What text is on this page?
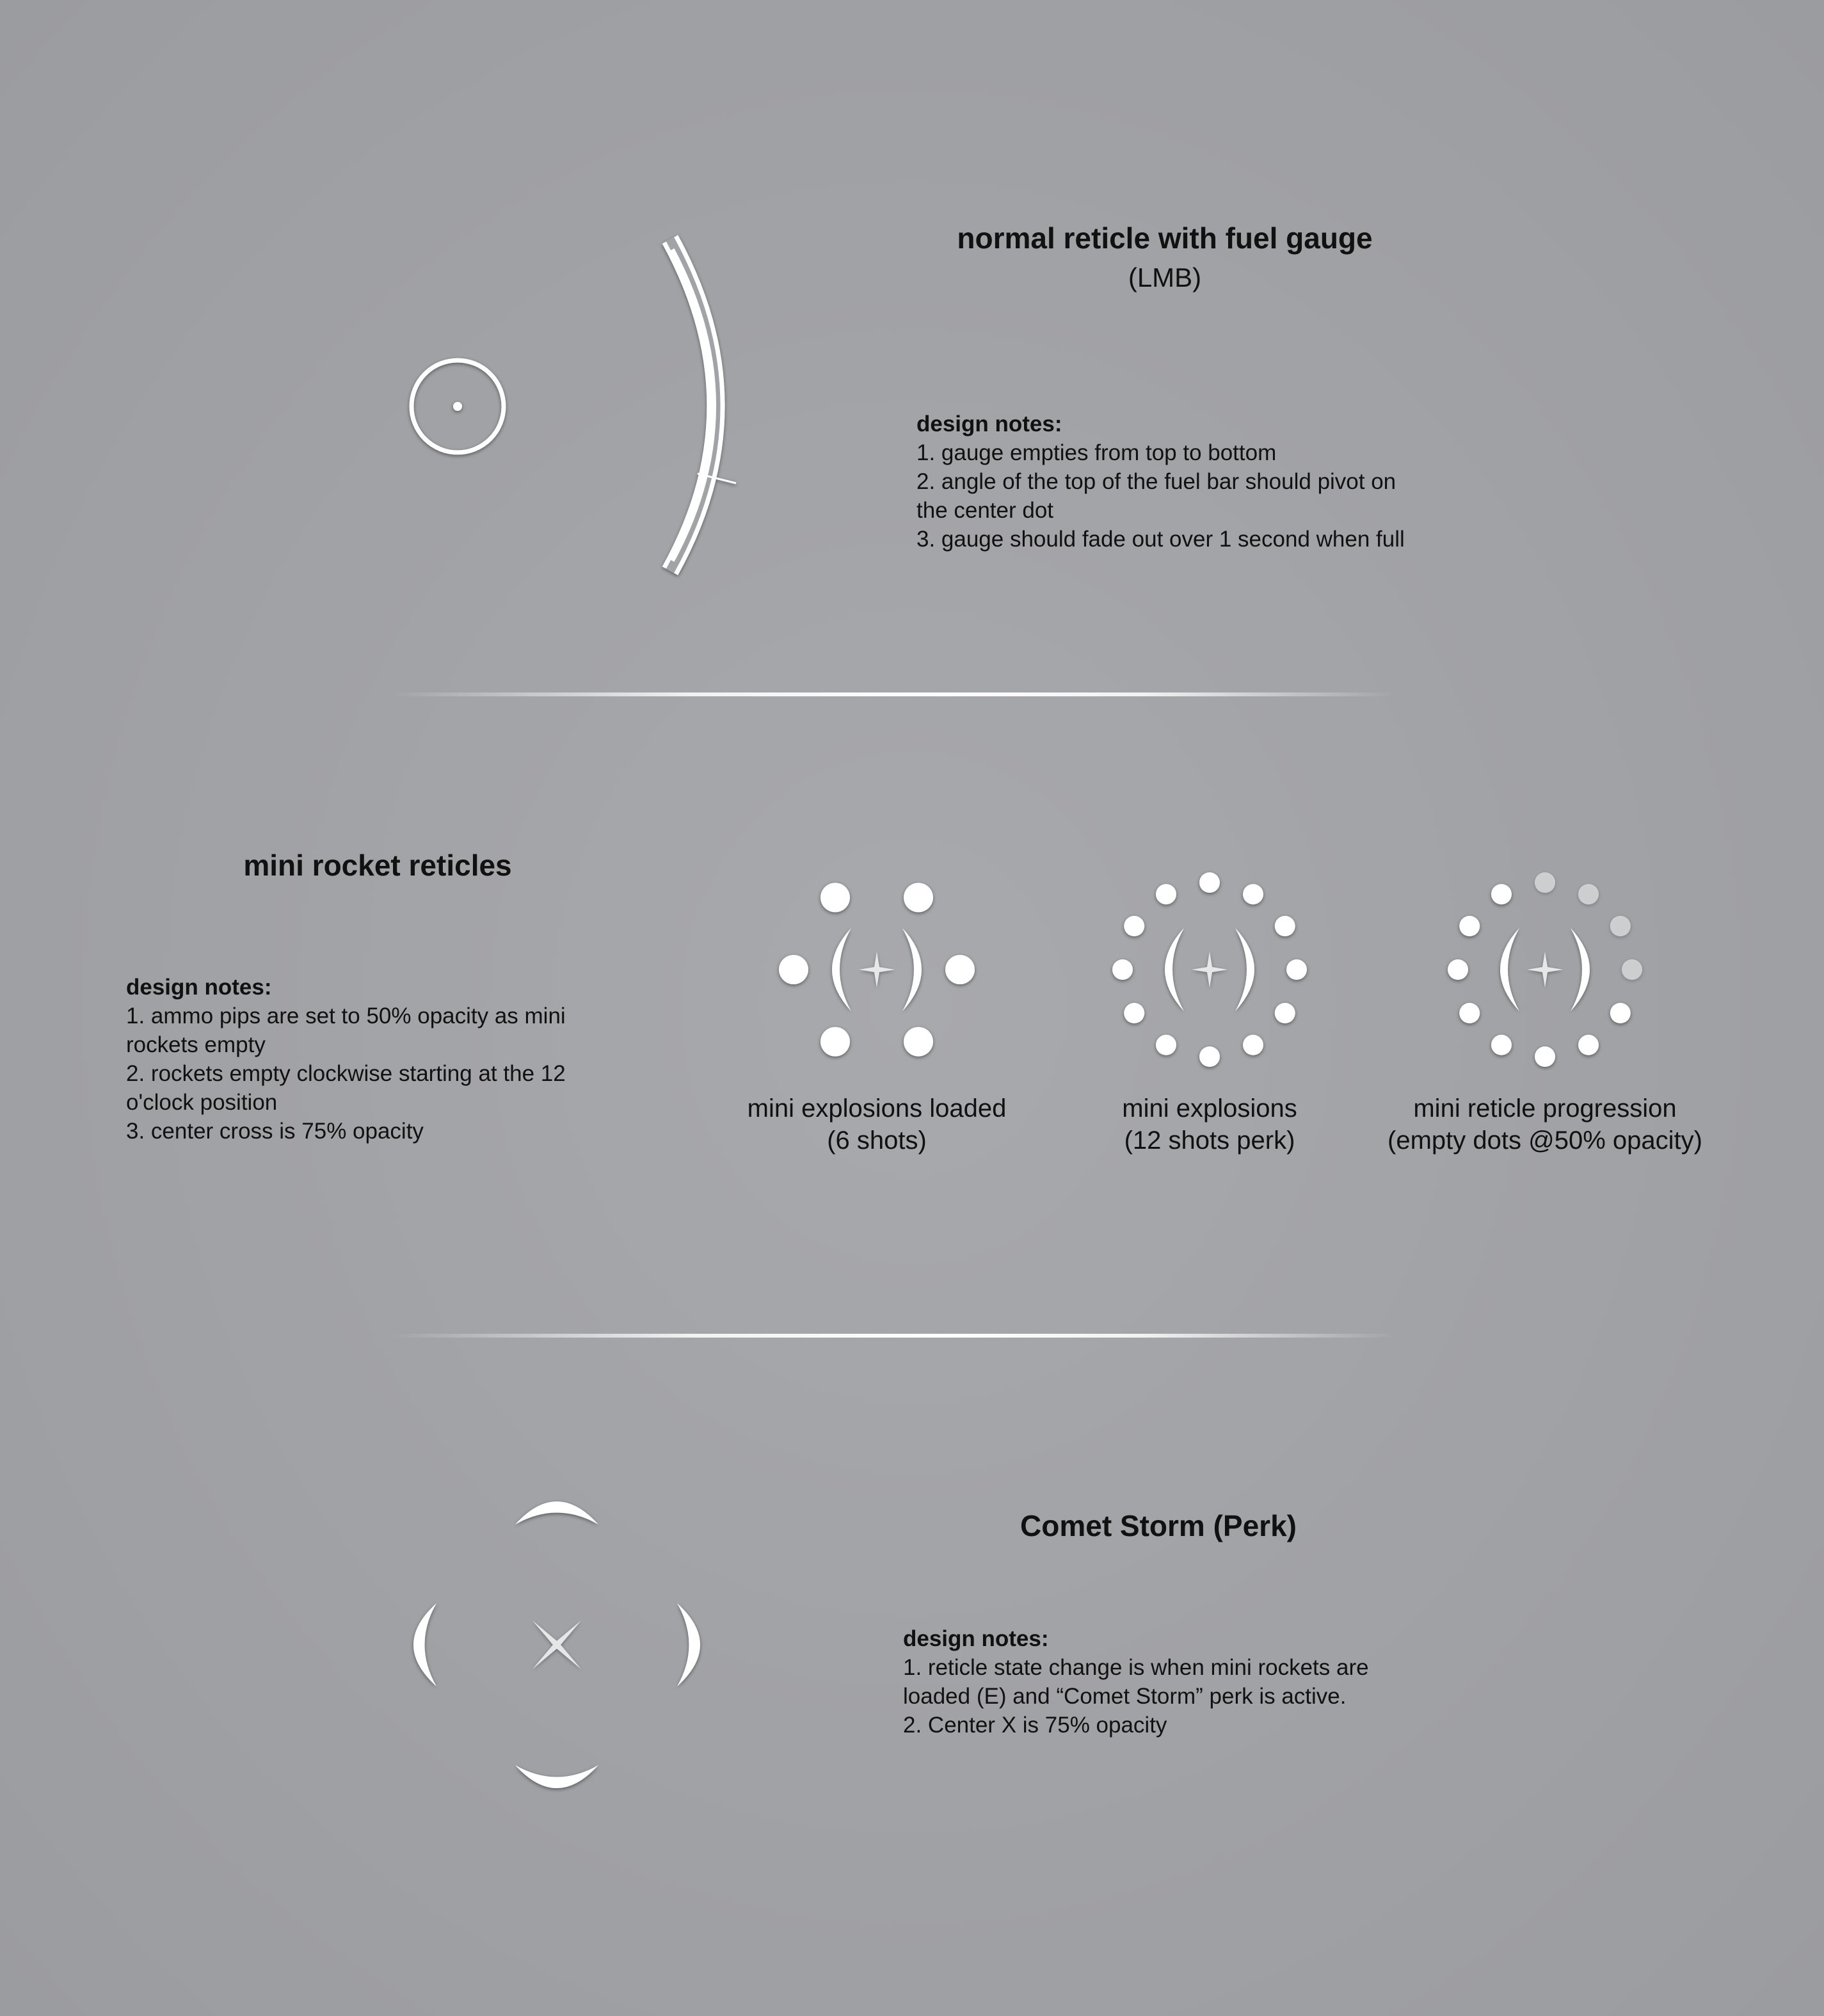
normal reticle with fuel gauge
(LMB)
design notes:
1. gauge empties from top to bottom
2. angle of the top of the fuel bar should pivot on
the center dot
3. gauge should fade out over 1 second when full
mini rocket reticles
design notes:
1. ammo pips are set to 50% opacity as mini
rockets empty
2. rockets empty clockwise starting at the 12
o'clock position
3. center cross is 75% opacity
mini explosions loaded
(6 shots)
mini explosions
(12 shots perk)
mini reticle progression
(empty dots @50% opacity)
Comet Storm (Perk)
design notes:
1. reticle state change is when mini rockets are
loaded (E) and “Comet Storm” perk is active.
2. Center X is 75% opacity
